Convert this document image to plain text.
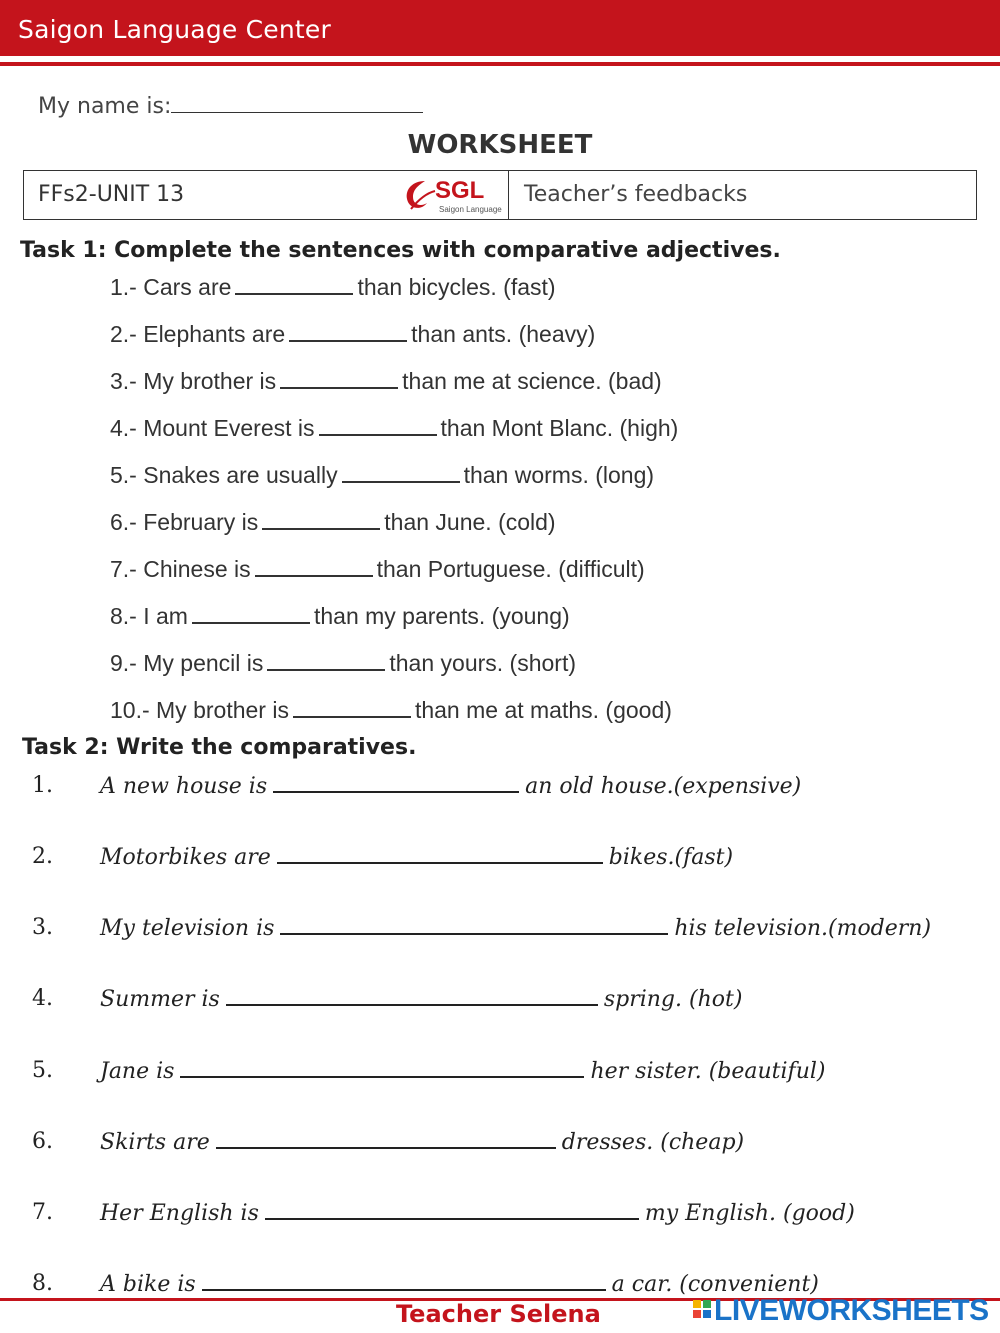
Saigon Language Center
My name is:
WORKSHEET
FFs2-UNIT 13	SGL
Saigon Language
Teacher’s feedbacks
Task 1: Complete the sentences with comparative adjectives.
1.- Cars are	than bicycles. (fast)
2.- Elephants are	than ants. (heavy)
3.- My brother is	than me at science. (bad)
4.- Mount Everest is	than Mont Blanc. (high)
5.- Snakes are usually	than worms. (long)
6.- February is	than June. (cold)
7.- Chinese is	than Portuguese. (difficult)
8.- I am	than my parents. (young)
9.- My pencil is	than yours. (short)
10.- My brother is	than me at maths. (good)
Task 2: Write the comparatives.
1. A new house is	an old house.(expensive)
2. Motorbikes are	bikes.(fast)
3. My television is	his television.(modern)
4. Summer is	spring. (hot)
5. Jane is	her sister. (beautiful)
6. Skirts are	dresses. (cheap)
7. Her English is	my English. (good)
8. A bike is	a car. (convenient)
Teacher Selena	LIVEWORKSHEETS
